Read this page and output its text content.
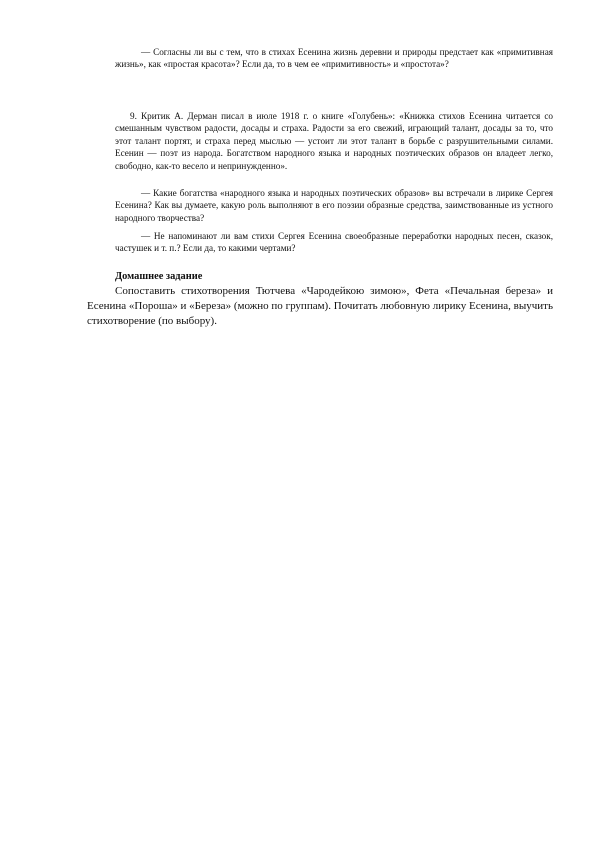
— Согласны ли вы с тем, что в стихах Есенина жизнь деревни и природы предстает как «примитивная жизнь», как «простая красота»? Если да, то в чем ее «примитивность» и «простота»?

9. Критик А. Дерман писал в июле 1918 г. о книге «Голубень»: «Книжка стихов Есенина читается со смешанным чувством радости, досады и страха. Радости за его свежий, играющий талант, досады за то, что этот талант портят, и страха перед мыслью — устоит ли этот талант в борьбе с разрушительными силами. Есенин — поэт из народа. Богатством народного языка и народных поэтических образов он владеет легко, свободно, как-то весело и непринужденно».

— Какие богатства «народного языка и народных поэтических образов» вы встречали в лирике Сергея Есенина? Как вы думаете, какую роль выполняют в его поэзии образные средства, заимствованные из устного народного творчества?

— Не напоминают ли вам стихи Сергея Есенина своеобразные переработки народных песен, сказок, частушек и т. п.? Если да, то какими чертами?

Домашнее задание

Сопоставить стихотворения Тютчева «Чародейкою зимою», Фета «Печальная береза» и Есенина «Пороша» и «Береза» (можно по группам). Почитать любовную лирику Есенина, выучить стихотворение (по выбору).
